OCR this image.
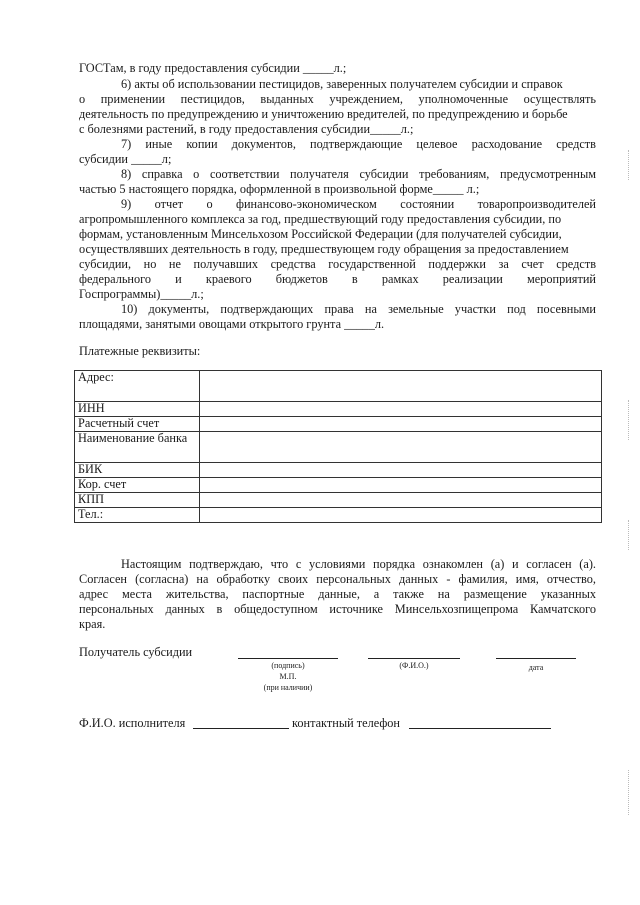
ГОСТам, в году предоставления субсидии _____л.;
6) акты об использовании пестицидов, заверенных получателем субсидии и справок
о применении пестицидов, выданных учреждением, уполномоченные осуществлять
деятельность по предупреждению и уничтожению вредителей, по предупреждению и борьбе
с болезнями растений, в году предоставления субсидии_____л.;
7) иные копии документов, подтверждающие целевое расходование средств
субсидии _____л;
8) справка о соответствии получателя субсидии требованиям, предусмотренным
частью 5 настоящего порядка, оформленной в произвольной форме_____ л.;
9) отчет о финансово-экономическом состоянии товаропроизводителей
агропромышленного комплекса за год, предшествующий году предоставления субсидии, по
формам, установленным Минсельхозом Российской Федерации (для получателей субсидии,
осуществлявших деятельность в году, предшествующем году обращения за предоставлением
субсидии, но не получавших средства государственной поддержки за счет средств
федерального и краевого бюджетов в рамках реализации мероприятий
Госпрограммы)_____л.;
10) документы, подтверждающих права на земельные участки под посевными
площадями, занятыми овощами открытого грунта _____л.
Платежные реквизиты:
Адрес:	
ИНН	
Расчетный счет	
Наименование банка	
БИК	
Кор. счет	
КПП	
Тел.:	
Настоящим подтверждаю, что с условиями порядка ознакомлен (а) и согласен (а).
Согласен (согласна) на обработку своих персональных данных - фамилия, имя, отчество,
адрес места жительства, паспортные данные, а также на размещение указанных
персональных данных в общедоступном источнике Минсельхозпищепрома Камчатского
края.
Получатель субсидии
(подпись)	(Ф.И.О.)	дата
М.П.
(при наличии)
Ф.И.О. исполнителя	контактный телефон
